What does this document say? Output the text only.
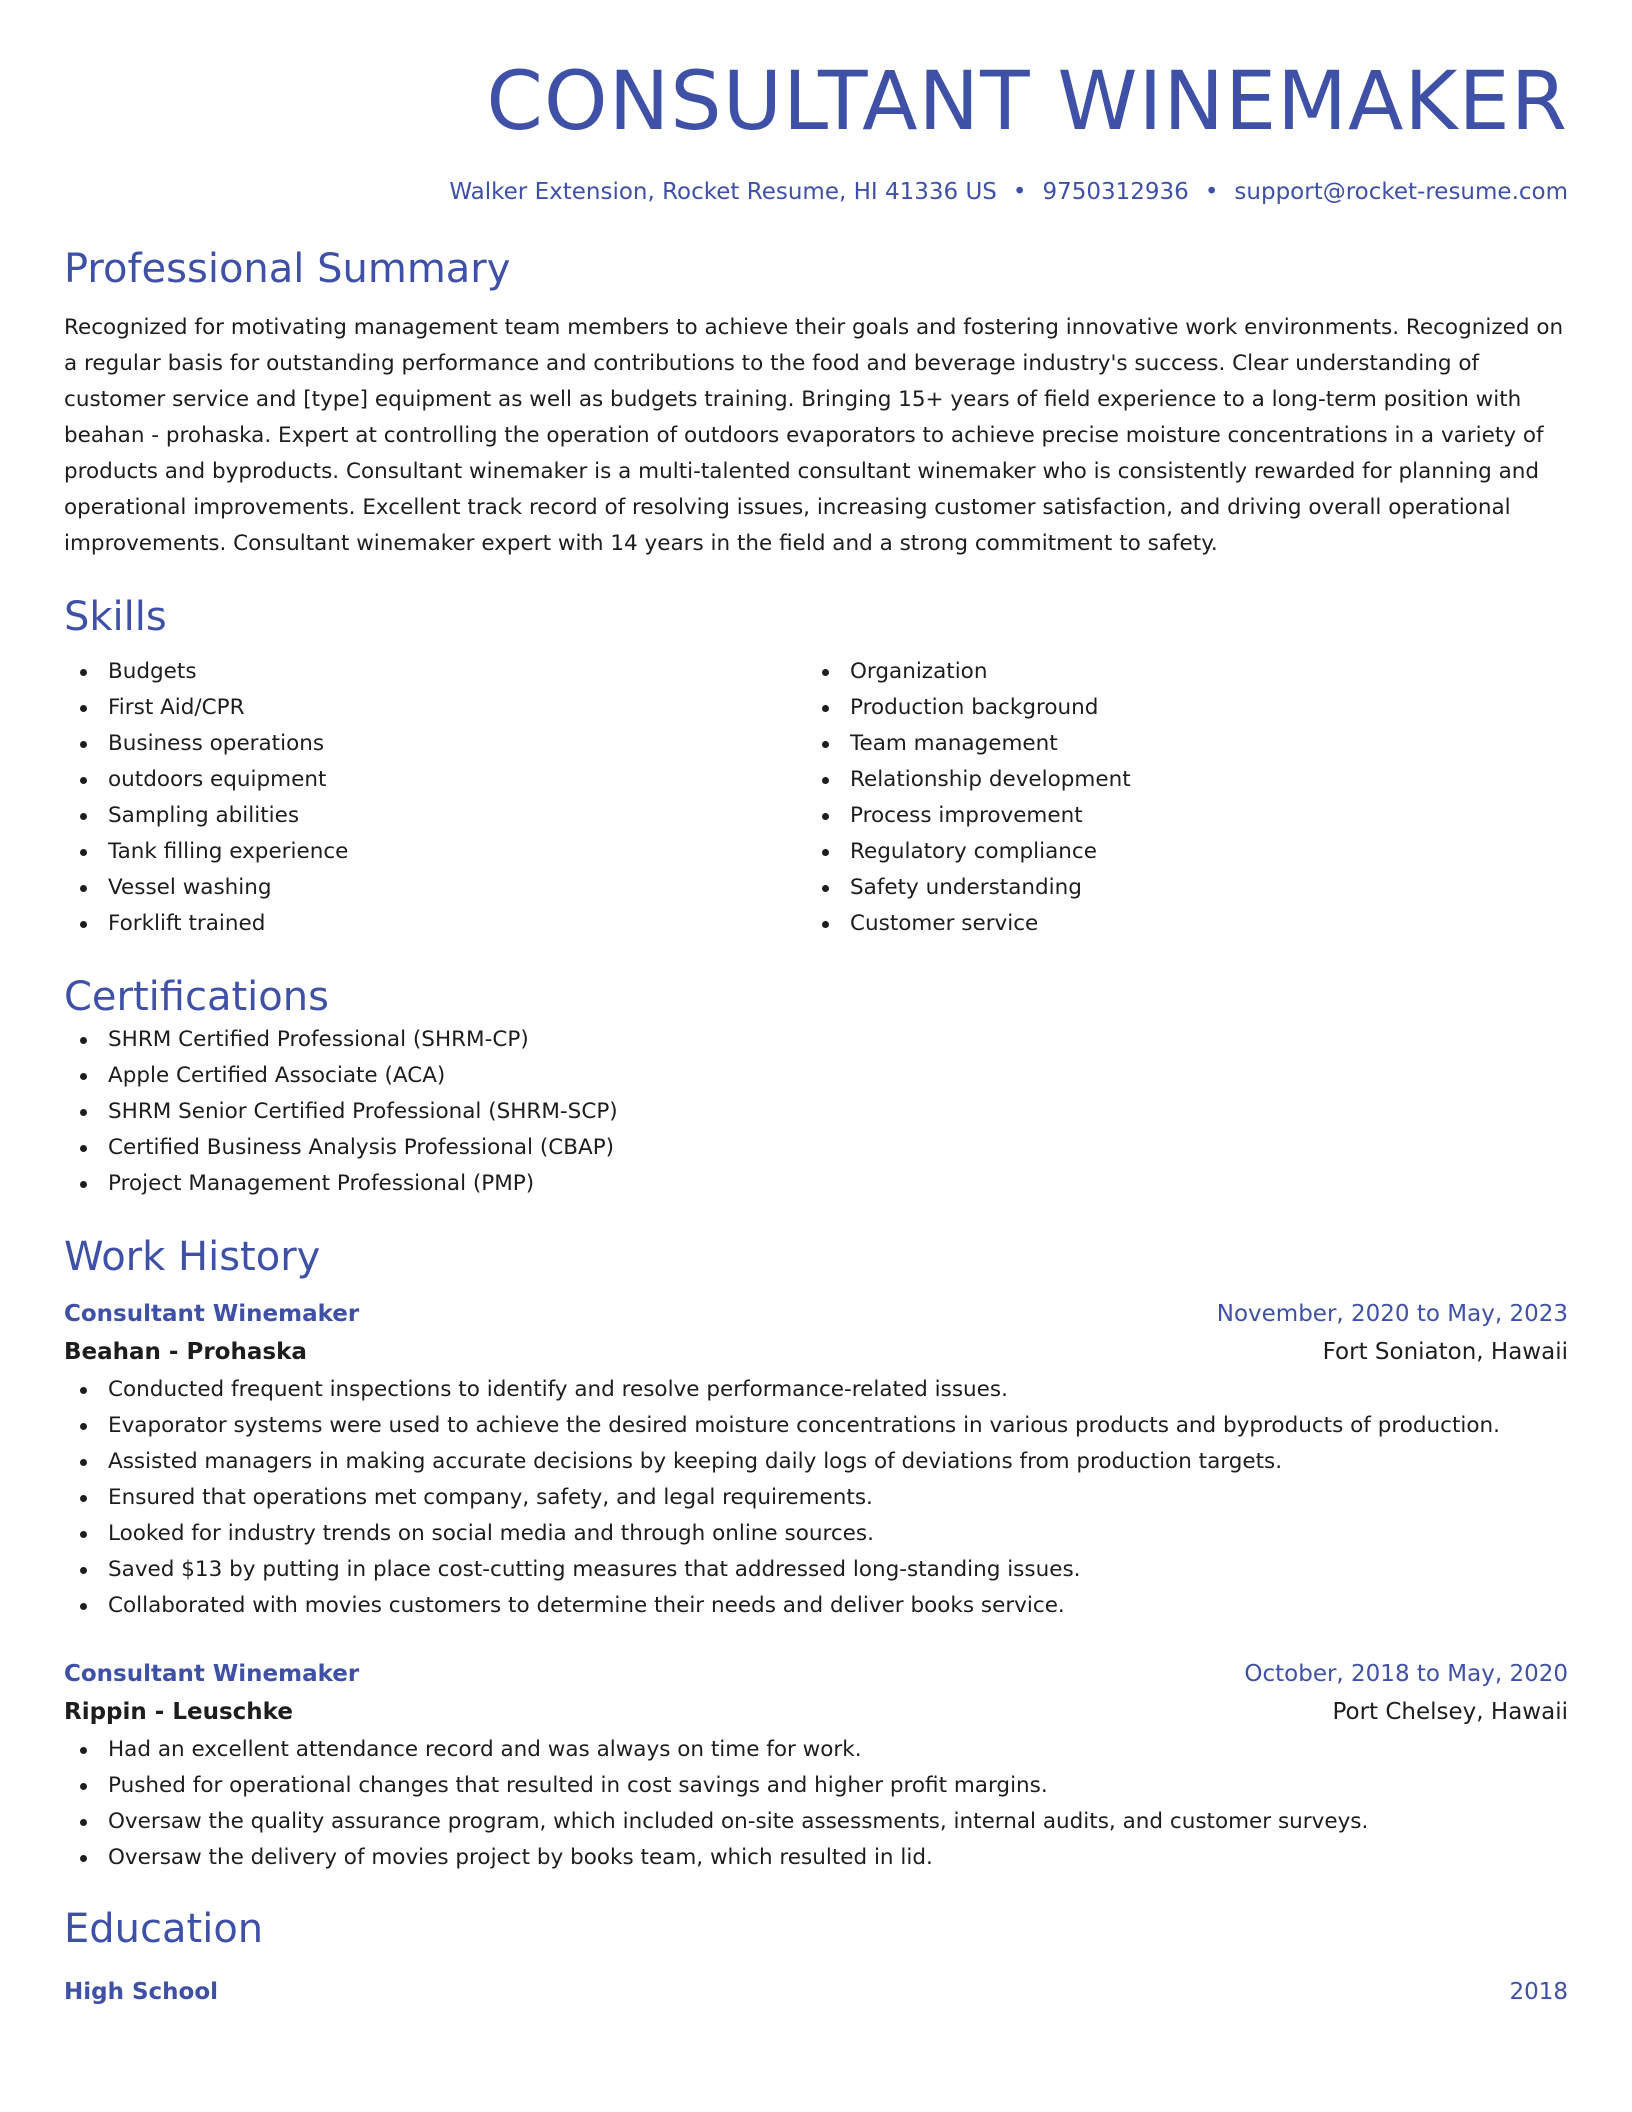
CONSULTANT WINEMAKER
Walker Extension, Rocket Resume, HI 41336 US • 9750312936 • support@rocket-resume.com
Professional Summary
Recognized for motivating management team members to achieve their goals and fostering innovative work environments. Recognized on a regular basis for outstanding performance and contributions to the food and beverage industry's success. Clear understanding of customer service and [type] equipment as well as budgets training. Bringing 15+ years of field experience to a long-term position with beahan - prohaska. Expert at controlling the operation of outdoors evaporators to achieve precise moisture concentrations in a variety of products and byproducts. Consultant winemaker is a multi-talented consultant winemaker who is consistently rewarded for planning and operational improvements. Excellent track record of resolving issues, increasing customer satisfaction, and driving overall operational improvements. Consultant winemaker expert with 14 years in the field and a strong commitment to safety.
Skills
Budgets
First Aid/CPR
Business operations
outdoors equipment
Sampling abilities
Tank filling experience
Vessel washing
Forklift trained
Organization
Production background
Team management
Relationship development
Process improvement
Regulatory compliance
Safety understanding
Customer service
Certifications
SHRM Certified Professional (SHRM-CP)
Apple Certified Associate (ACA)
SHRM Senior Certified Professional (SHRM-SCP)
Certified Business Analysis Professional (CBAP)
Project Management Professional (PMP)
Work History
Consultant Winemaker	November, 2020 to May, 2023
Beahan - Prohaska	Fort Soniaton, Hawaii
Conducted frequent inspections to identify and resolve performance-related issues.
Evaporator systems were used to achieve the desired moisture concentrations in various products and byproducts of production.
Assisted managers in making accurate decisions by keeping daily logs of deviations from production targets.
Ensured that operations met company, safety, and legal requirements.
Looked for industry trends on social media and through online sources.
Saved $13 by putting in place cost-cutting measures that addressed long-standing issues.
Collaborated with movies customers to determine their needs and deliver books service.
Consultant Winemaker	October, 2018 to May, 2020
Rippin - Leuschke	Port Chelsey, Hawaii
Had an excellent attendance record and was always on time for work.
Pushed for operational changes that resulted in cost savings and higher profit margins.
Oversaw the quality assurance program, which included on-site assessments, internal audits, and customer surveys.
Oversaw the delivery of movies project by books team, which resulted in lid.
Education
High School	2018
